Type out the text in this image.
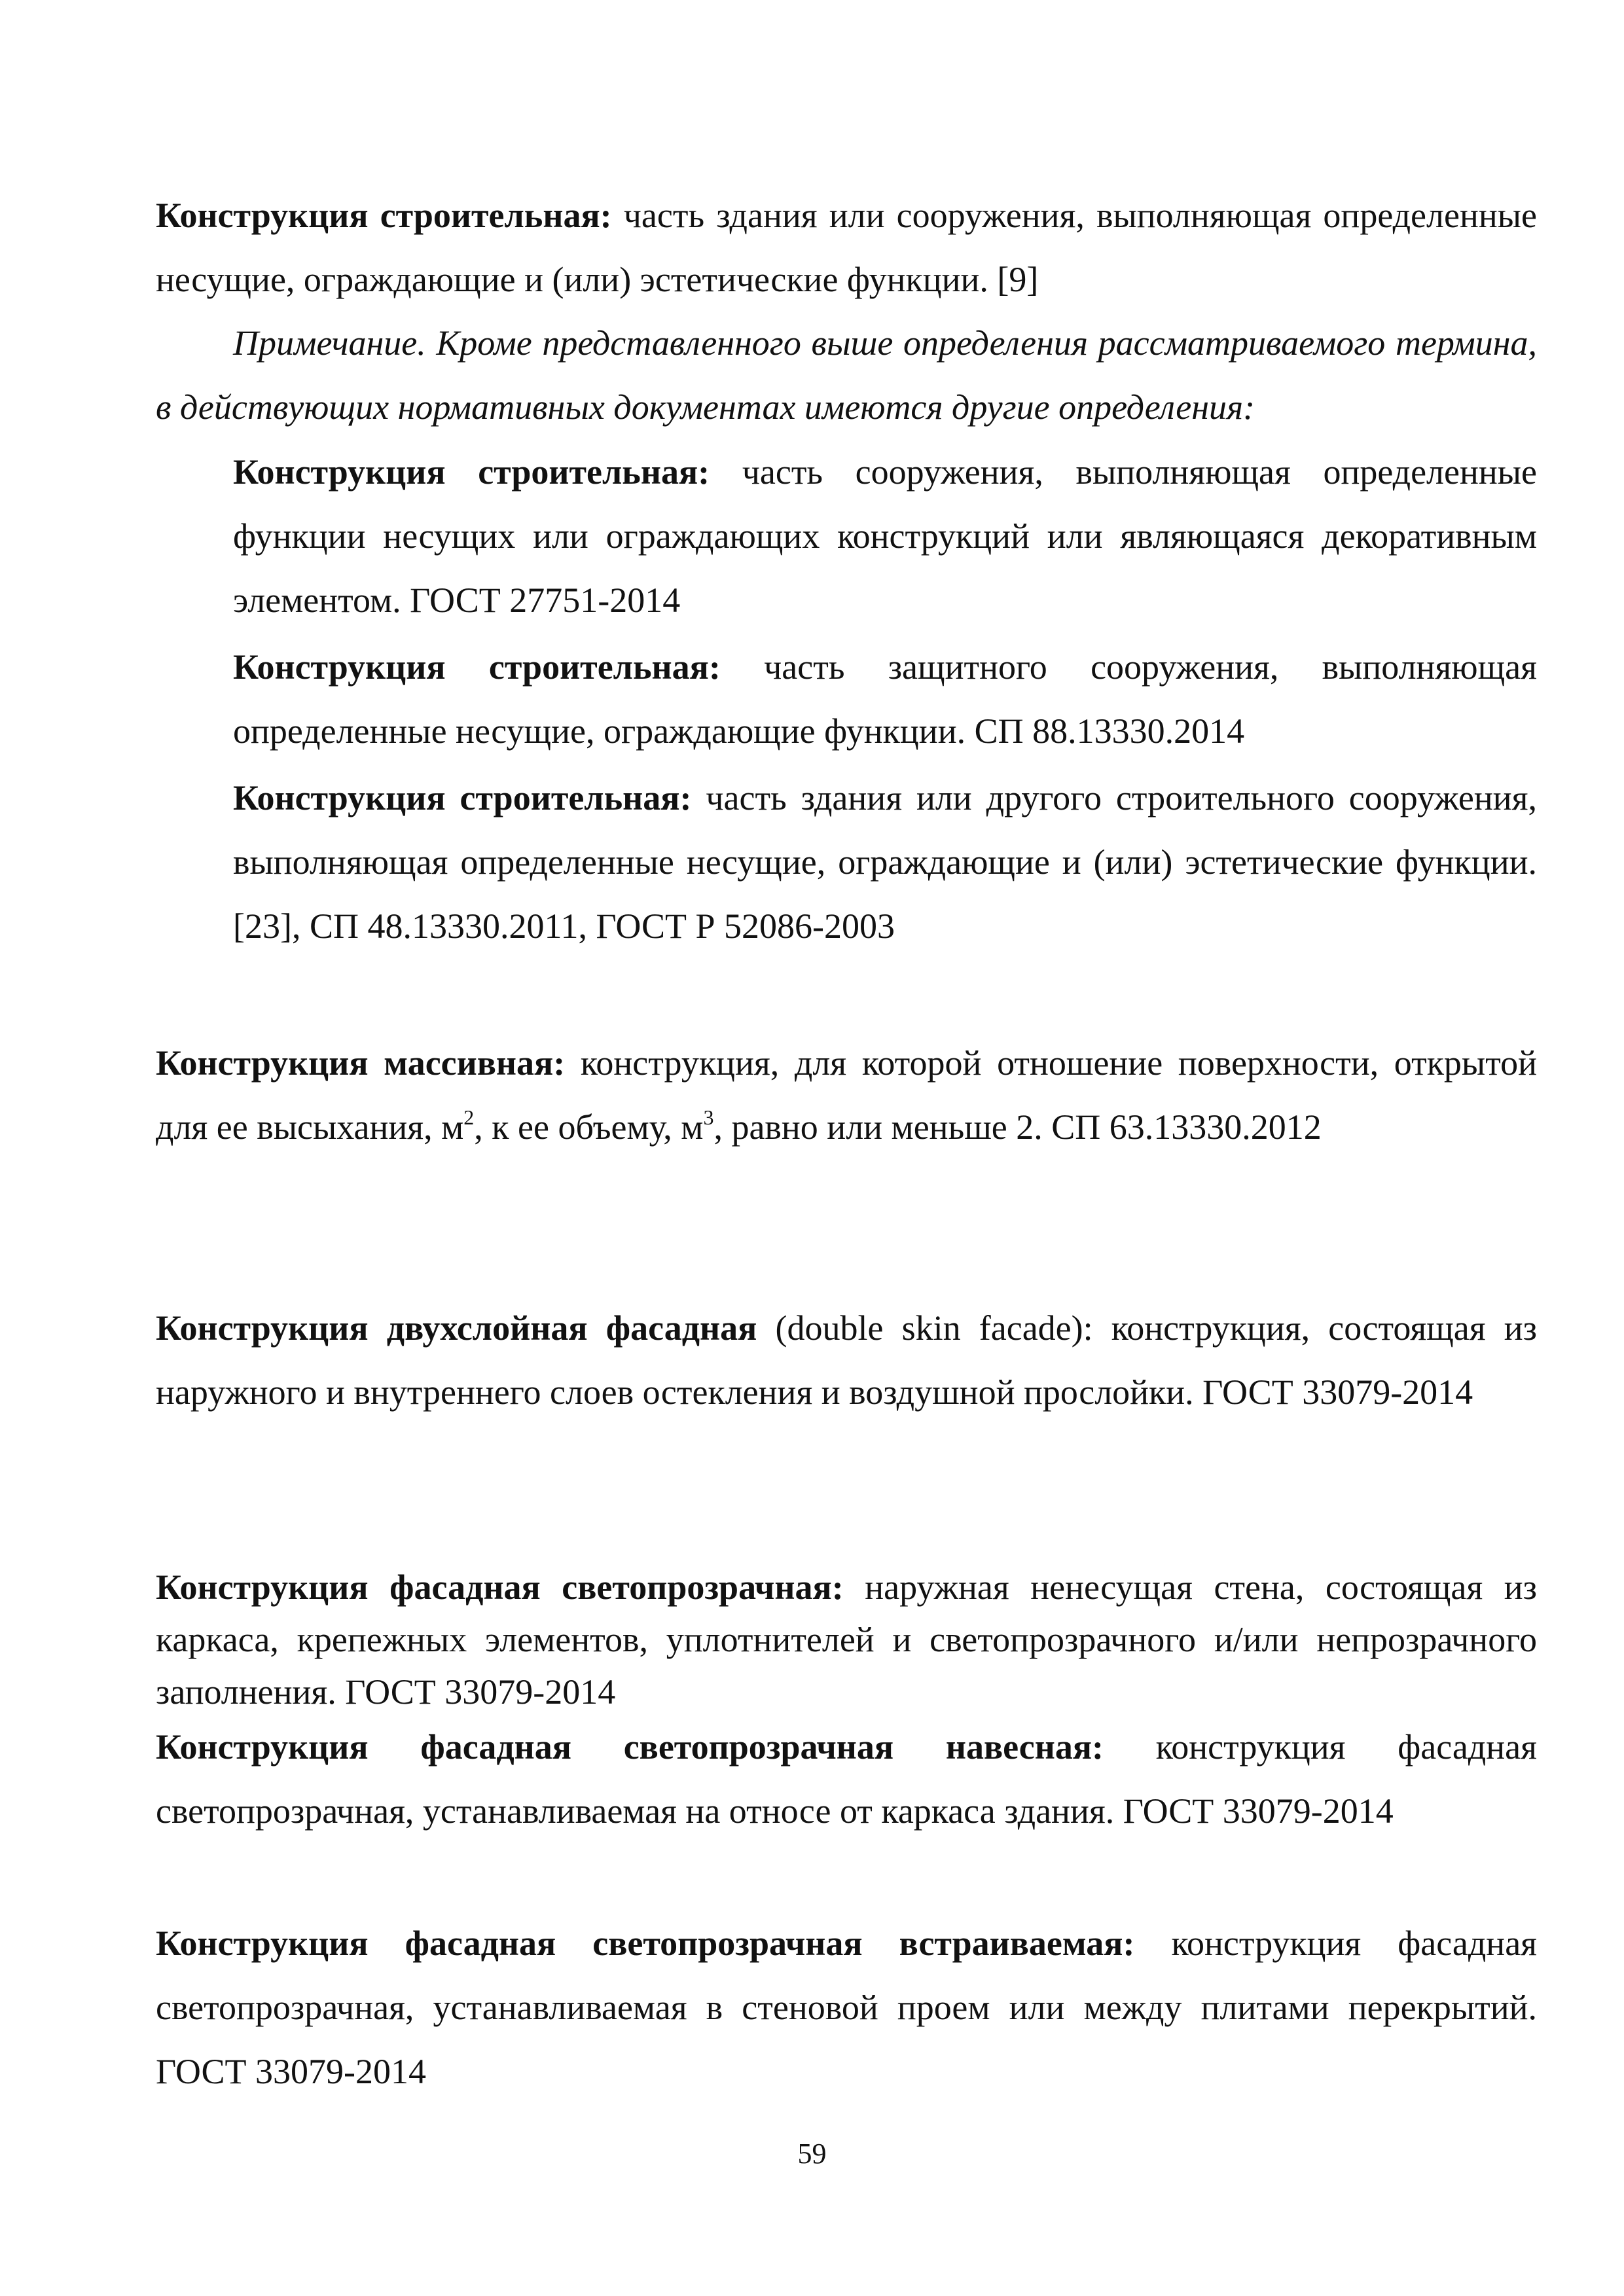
Конструкция строительная: часть здания или сооружения, выполняющая определенные несущие, ограждающие и (или) эстетические функции. [9]

Примечание. Кроме представленного выше определения рассматриваемого термина, в действующих нормативных документах имеются другие определения:

Конструкция строительная: часть сооружения, выполняющая определенные функции несущих или ограждающих конструкций или являющаяся декоративным элементом. ГОСТ 27751-2014

Конструкция строительная: часть защитного сооружения, выполняющая определенные несущие, ограждающие функции. СП 88.13330.2014

Конструкция строительная: часть здания или другого строительного сооружения, выполняющая определенные несущие, ограждающие и (или) эстетические функции. [23], СП 48.13330.2011, ГОСТ Р 52086-2003

Конструкция массивная: конструкция, для которой отношение поверхности, открытой для ее высыхания, $м^2$, к ее объему, $м^3$, равно или меньше 2. СП 63.13330.2012

Конструкция двухслойная фасадная (double skin facade): конструкция, состоящая из наружного и внутреннего слоев остекления и воздушной прослойки. ГОСТ 33079-2014

Конструкция фасадная светопрозрачная: наружная ненесущая стена, состоящая из каркаса, крепежных элементов, уплотнителей и светопрозрачного и/или непрозрачного заполнения. ГОСТ 33079-2014

Конструкция фасадная светопрозрачная навесная: конструкция фасадная светопрозрачная, устанавливаемая на относе от каркаса здания. ГОСТ 33079-2014

Конструкция фасадная светопрозрачная встраиваемая: конструкция фасадная светопрозрачная, устанавливаемая в стеновой проем или между плитами перекрытий. ГОСТ 33079-2014

59
